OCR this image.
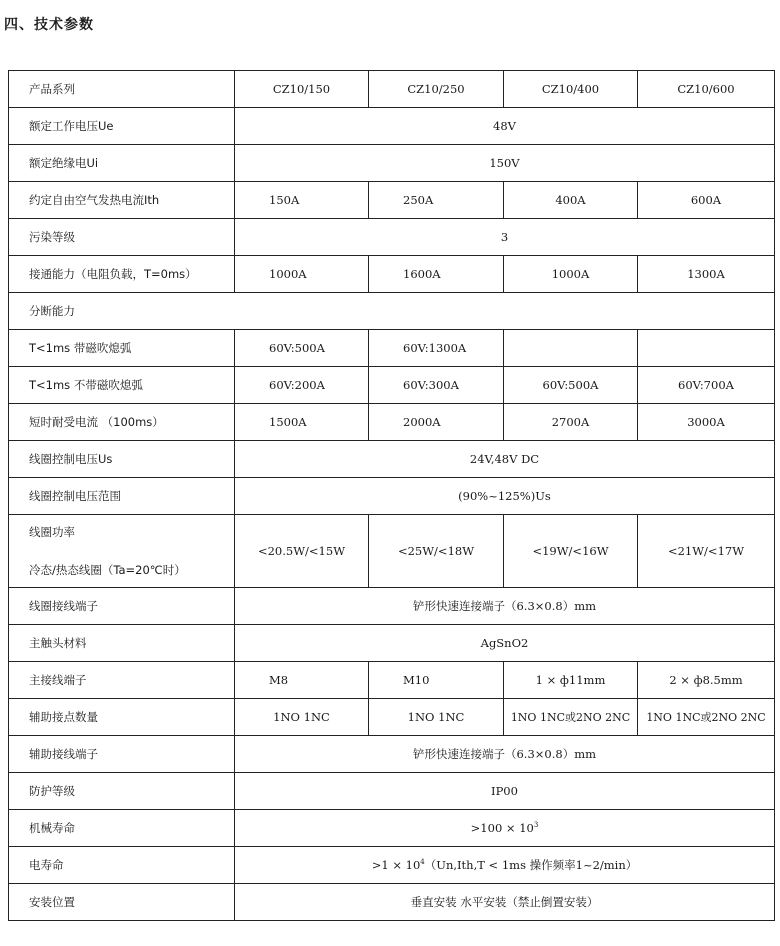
四、技术参数
产品系列	CZ10/150	CZ10/250	CZ10/400	CZ10/600
额定工作电压Ue	48V			
额定绝缘电Ui	150V			
约定自由空气发热电流Ith	150A	250A	400A	600A
污染等级	3			
接通能力（电阻负载，T=0ms）	1000A	1600A	1000A	1300A
分断能力				
T<1ms 带磁吹熄弧	60V:500A	60V:1300A		
T<1ms 不带磁吹熄弧	60V:200A	60V:300A	60V:500A	60V:700A
短时耐受电流 （100ms）	1500A	2000A	2700A	3000A
线圈控制电压Us	24V,48V DC			
线圈控制电压范围	(90%~125%)Us			

线圈功率
冷态/热态线圈（Ta=20℃时）	<20.5W/<15W	<25W/<18W	<19W/<16W	<21W/<17W
线圈接线端子	铲形快速连接端子（6.3×0.8）mm			
主触头材料	AgSnO2			
主接线端子	M8	M10	1 × ф11mm	2 × ф8.5mm
辅助接点数量	1NO 1NC	1NO 1NC	1NO 1NC或2NO 2NC	1NO 1NC或2NO 2NC
辅助接线端子	铲形快速连接端子（6.3×0.8）mm			
防护等级	IP00			
机械寿命	$>100 \times 10^3$
电寿命	$>1 \times 10^4(Un,Ith,T < 1ms$ 操作频率1~2/min）			
安装位置	垂直安装 水平安装（禁止倒置安装）			
